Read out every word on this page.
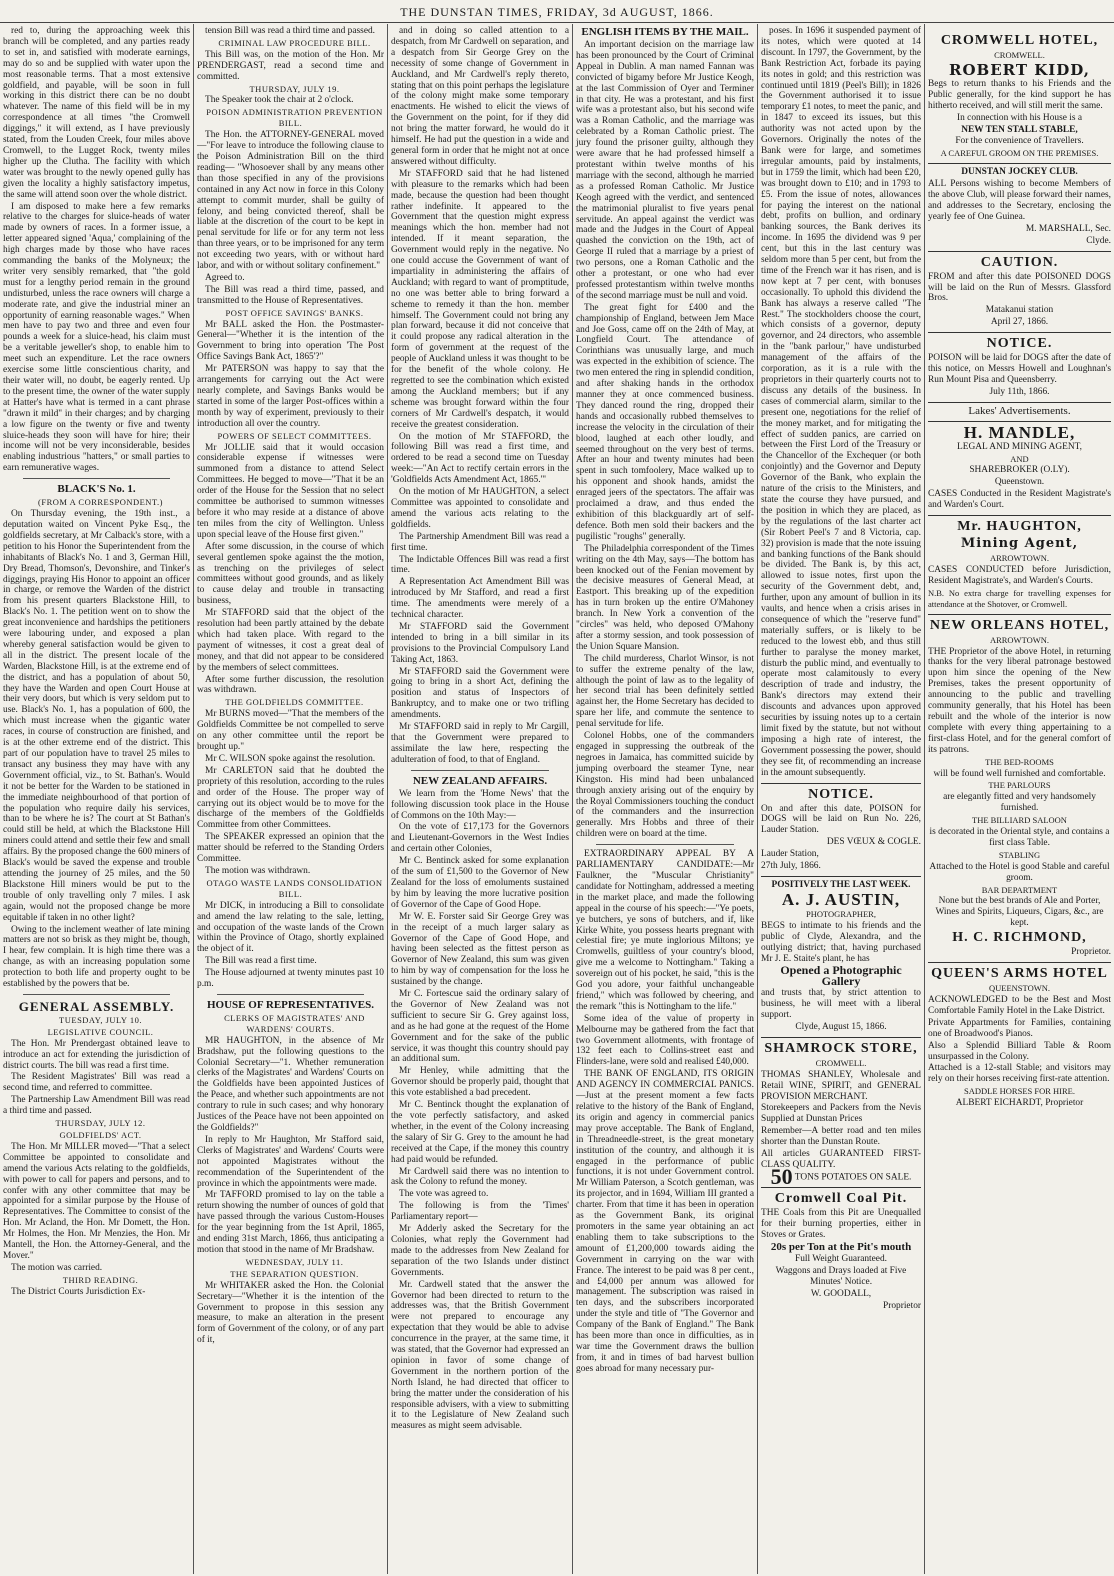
THE DUNSTAN TIMES, FRIDAY, 3d AUGUST, 1866.

red to, during the approaching week this branch will be completed, and any parties ready to set in, and satisfied with moderate earnings, may do so and be supplied with water upon the most reasonable terms. That a most extensive goldfield, and payable, will be soon in full working in this district there can be no doubt whatever. The name of this field will be in my correspondence at all times "the Cromwell diggings," it will extend, as I have previously stated, from the Louden Creek, four miles above Cromwell, to the Lugget Rock, twenty miles higher up the Clutha. The facility with which water was brought to the newly opened gully has given the locality a highly satisfactory impetus, the same will attend soon over the whole district.

I am disposed to make here a few remarks relative to the charges for sluice-heads of water made by owners of races. In a former issue, a letter appeared signed 'Aqua,' complaining of the high charges made by those who have races commanding the banks of the Molyneux; the writer very sensibly remarked, that "the gold must for a lengthy period remain in the ground undisturbed, unless the race owners will charge a moderate rate, and give the industrial miner an opportunity of earning reasonable wages." When men have to pay two and three and even four pounds a week for a sluice-head, his claim must be a veritable jeweller's shop, to enable him to meet such an expenditure. Let the race owners exercise some little conscientious charity, and their water will, no doubt, be eagerly rented. Up to the present time, the owner of the water supply at Hatter's have what is termed in a cant phrase "drawn it mild" in their charges; and by charging a low figure on the twenty or five and twenty sluice-heads they soon will have for hire; their income will not be very inconsiderable, besides enabling industrious "hatters," or small parties to earn remunerative wages.

BLACK'S No. 1.

(FROM A CORRESPONDENT.)

On Thursday evening, the 19th inst., a deputation waited on Vincent Pyke Esq., the goldfields secretary, at Mr Calback's store, with a petition to his Honor the Superintendent from the inhabitants of Black's No. 1 and 3, German Hill, Dry Bread, Thomson's, Devonshire, and Tinker's diggings, praying His Honor to appoint an officer in charge, or remove the Warden of the district from his present quarters Blackstone Hill, to Black's No. 1. The petition went on to show the great inconvenience and hardships the petitioners were labouring under, and exposed a plan whereby general satisfaction would be given to all in the district. The present locale of the Warden, Blackstone Hill, is at the extreme end of the district, and has a population of about 50, they have the Warden and open Court House at their very doors, but which is very seldom put to use. Black's No. 1, has a population of 600, the which must increase when the gigantic water races, in course of construction are finished, and is at the other extreme end of the district. This part of our population have to travel 25 miles to transact any business they may have with any Government official, viz., to St. Bathan's. Would it not be better for the Warden to be stationed in the immediate neighbourhood of that portion of the population who require daily his services, than to be where he is? The court at St Bathan's could still be held, at which the Blackstone Hill miners could attend and settle their few and small affairs. By the proposed change the 600 miners of Black's would be saved the expense and trouble attending the journey of 25 miles, and the 50 Blackstone Hill miners would be put to the trouble of only travelling only 7 miles. I ask again, would not the proposed change be more equitable if taken in no other light?

Owing to the inclement weather of late mining matters are not so brisk as they might be, though, I hear, few complain. It is high time there was a change, as with an increasing population some protection to both life and property ought to be established by the powers that be.

GENERAL ASSEMBLY.

TUESDAY, JULY 10.

LEGISLATIVE COUNCIL.

The Hon. Mr Prendergast obtained leave to introduce an act for extending the jurisdiction of district courts. The bill was read a first time.

The Resident Magistrates' Bill was read a second time, and referred to committee.

The Partnership Law Amendment Bill was read a third time and passed.

THURSDAY, JULY 12.

GOLDFIELDS' ACT.

The Hon. Mr MILLER moved—"That a select Committee be appointed to consolidate and amend the various Acts relating to the goldfields, with power to call for papers and persons, and to confer with any other committee that may be appointed for a similar purpose by the House of Representatives. The Committee to consist of the Hon. Mr Acland, the Hon. Mr Domett, the Hon. Mr Holmes, the Hon. Mr Menzies, the Hon. Mr Mantell, the Hon. the Attorney-General, and the Mover."

The motion was carried.

THIRD READING.

The District Courts Jurisdiction Ex-

tension Bill was read a third time and passed.

CRIMINAL LAW PROCEDURE BILL.

This Bill was, on the motion of the Hon. Mr PRENDERGAST, read a second time and committed.

THURSDAY, JULY 19.

The Speaker took the chair at 2 o'clock.

POISON ADMINISTRATION PREVENTION BILL.

The Hon. the ATTORNEY-GENERAL moved—"For leave to introduce the following clause to the Poison Administration Bill on the third reading— "Whosoever shall by any means other than those specified in any of the provisions contained in any Act now in force in this Colony attempt to commit murder, shall be guilty of felony, and being convicted thereof, shall be liable at the discretion of the court to be kept in penal servitude for life or for any term not less than three years, or to be imprisoned for any term not exceeding two years, with or without hard labor, and with or without solitary confinement."

Agreed to.

The Bill was read a third time, passed, and transmitted to the House of Representatives.

POST OFFICE SAVINGS' BANKS.

Mr BALL asked the Hon. the Postmaster-General—"Whether it is the intention of the Government to bring into operation 'The Post Office Savings Bank Act, 1865'?"

Mr PATERSON was happy to say that the arrangements for carrying out the Act were nearly complete, and Savings Banks would be started in some of the larger Post-offices within a month by way of experiment, previously to their introduction all over the country.

POWERS OF SELECT COMMITTEES.

Mr JOLLIE said that it would occasion considerable expense if witnesses were summoned from a distance to attend Select Committees. He begged to move—"That it be an order of the House for the Session that no select committee be authorised to summon witnesses before it who may reside at a distance of above ten miles from the city of Wellington. Unless upon special leave of the House first given."

After some discussion, in the course of which several gentlemen spoke against the the motion, as trenching on the privileges of select committees without good grounds, and as likely to cause delay and trouble in transacting business,

Mr STAFFORD said that the object of the resolution had been partly attained by the debate which had taken place. With regard to the payment of witnesses, it cost a great deal of money, and that did not appear to be considered by the members of select committees.

After some further discussion, the resolution was withdrawn.

THE GOLDFIELDS COMMITTEE.

Mr BURNS moved—"That the members of the Goldfields Committee be not compelled to serve on any other committee until the report be brought up."

Mr C. WILSON spoke against the resolution.

Mr CARLETON said that he doubted the propriety of this resolution, according to the rules and order of the House. The proper way of carrying out its object would be to move for the discharge of the members of the Goldfields Committee from other Committees.

The SPEAKER expressed an opinion that the matter should be referred to the Standing Orders Committee.

The motion was withdrawn.

OTAGO WASTE LANDS CONSOLIDATION BILL.

Mr DICK, in introducing a Bill to consolidate and amend the law relating to the sale, letting, and occupation of the waste lands of the Crown within the Province of Otago, shortly explained the object of it.

The Bill was read a first time.

The House adjourned at twenty minutes past 10 p.m.

HOUSE OF REPRESENTATIVES.

CLERKS OF MAGISTRATES' AND WARDENS' COURTS.

MR HAUGHTON, in the absence of Mr Bradshaw, put the following questions to the Colonial Secretary—"1. Whether remuneration clerks of the Magistrates' and Wardens' Courts on the Goldfields have been appointed Justices of the Peace, and whether such appointments are not contrary to rule in such cases; and why honorary Justices of the Peace have not been appointed on the Goldfields?"

In reply to Mr Haughton, Mr Stafford said, Clerks of Magistrates' and Wardens' Courts were not appointed Magistrates without the recommendation of the Superintendent of the province in which the appointments were made.

Mr TAFFORD promised to lay on the table a return showing the number of ounces of gold that have passed through the various Custom-Houses for the year beginning from the 1st April, 1865, and ending 31st March, 1866, thus anticipating a motion that stood in the name of Mr Bradshaw.

WEDNESDAY, JULY 11.

THE SEPARATION QUESTION.

Mr WHITAKER asked the Hon. the Colonial Secretary—"Whether it is the intention of the Government to propose in this session any measure, to make an alteration in the present form of Government of the colony, or of any part of it,

and in doing so called attention to a despatch, from Mr Cardwell on separation, and a despatch from Sir George Grey on the necessity of some change of Government in Auckland, and Mr Cardwell's reply thereto, stating that on this point perhaps the legislature of the colony might make some temporary enactments. He wished to elicit the views of the Government on the point, for if they did not bring the matter forward, he would do it himself. He had put the question in a wide and general form in order that he might not at once answered without difficulty.

Mr STAFFORD said that he had listened with pleasure to the remarks which had been made, because the question had been thought rather indefinite. It appeared to the Government that the question might express meanings which the hon. member had not intended. If it meant separation, the Government would reply in the negative. No one could accuse the Government of want of impartiality in administering the affairs of Auckland; with regard to want of promptitude, no one was better able to bring forward a scheme to remedy it than the hon. member himself. The Government could not bring any plan forward, because it did not conceive that it could propose any radical alteration in the form of government at the request of the people of Auckland unless it was thought to be for the benefit of the whole colony. He regretted to see the combination which existed among the Auckland members; but if any scheme was brought forward within the four corners of Mr Cardwell's despatch, it would receive the greatest consideration.

On the motion of Mr STAFFORD, the following Bill was read a first time, and ordered to be read a second time on Tuesday week:—"An Act to rectify certain errors in the 'Goldfields Acts Amendment Act, 1865.'"

On the motion of Mr HAUGHTON, a select Committee was appointed to consolidate and amend the various acts relating to the goldfields.

The Partnership Amendment Bill was read a first time.

The Indictable Offences Bill was read a first time.

A Representation Act Amendment Bill was introduced by Mr Stafford, and read a first time. The amendments were merely of a technical character.

Mr STAFFORD said the Government intended to bring in a bill similar in its provisions to the Provincial Compulsory Land Taking Act, 1863.

Mr STAFFORD said the Government were going to bring in a short Act, defining the position and status of Inspectors of Bankruptcy, and to make one or two trifling amendments.

Mr STAFFORD said in reply to Mr Cargill, that the Government were prepared to assimilate the law here, respecting the adulteration of food, to that of England.

NEW ZEALAND AFFAIRS.

We learn from the 'Home News' that the following discussion took place in the House of Commons on the 10th May:—

On the vote of £17,173 for the Governors and Lieutenant-Governors in the West Indies and certain other Colonies,

Mr C. Bentinck asked for some explanation of the sum of £1,500 to the Governor of New Zealand for the loss of emoluments sustained by him by leaving the more lucrative position of Governor of the Cape of Good Hope.

Mr W. E. Forster said Sir George Grey was in the receipt of a much larger salary as Governor of the Cape of Good Hope, and having been selected as the fittest person as Governor of New Zealand, this sum was given to him by way of compensation for the loss he sustained by the change.

Mr C. Fortescue said the ordinary salary of the Governor of New Zealand was not sufficient to secure Sir G. Grey against loss, and as he had gone at the request of the Home Government and for the sake of the public service, it was thought this country should pay an additional sum.

Mr Henley, while admitting that the Governor should be properly paid, thought that this vote established a bad precedent.

Mr C. Bentinck thought the explanation of the vote perfectly satisfactory, and asked whether, in the event of the Colony increasing the salary of Sir G. Grey to the amount he had received at the Cape, if the money this country had paid would be refunded.

Mr Cardwell said there was no intention to ask the Colony to refund the money.

The vote was agreed to.

The following is from the 'Times' Parliamentary report—

Mr Adderly asked the Secretary for the Colonies, what reply the Government had made to the addresses from New Zealand for separation of the two Islands under distinct Governments.

Mr. Cardwell stated that the answer the Governor had been directed to return to the addresses was, that the British Government were not prepared to encourage any expectation that they would be able to advise concurrence in the prayer, at the same time, it was stated, that the Governor had expressed an opinion in favor of some change of Government in the northern portion of the North Island, he had directed that officer to bring the matter under the consideration of his responsible advisers, with a view to submitting it to the Legislature of New Zealand such measures as might seem advisable.

ENGLISH ITEMS BY THE MAIL.

An important decision on the marriage law has been pronounced by the Court of Criminal Appeal in Dublin. A man named Fannan was convicted of bigamy before Mr Justice Keogh, at the last Commission of Oyer and Terminer in that city. He was a protestant, and his first wife was a protestant also, but his second wife was a Roman Catholic, and the marriage was celebrated by a Roman Catholic priest. The jury found the prisoner guilty, although they were aware that he had professed himself a protestant within twelve months of his marriage with the second, although he married as a professed Roman Catholic. Mr Justice Keogh agreed with the verdict, and sentenced the matrimonial pluralist to five years penal servitude. An appeal against the verdict was made and the Judges in the Court of Appeal quashed the conviction on the 19th, act of George II ruled that a marriage by a priest of two persons, one a Roman Catholic and the other a protestant, or one who had ever professed protestantism within twelve months of the second marriage must be null and void.

The great fight for £400 and the championship of England, between Jem Mace and Joe Goss, came off on the 24th of May, at Longfield Court. The attendance of Corinthians was unusually large, and much was expected in the exhibition of science. The two men entered the ring in splendid condition, and after shaking hands in the orthodox manner they at once commenced business. They danced round the ring, dropped their hands and occasionally rubbed themselves to increase the velocity in the circulation of their blood, laughed at each other loudly, and seemed throughout on the very best of terms. After an hour and twenty minutes had been spent in such tomfoolery, Mace walked up to his opponent and shook hands, amidst the enraged jeers of the spectators. The affair was proclaimed a draw, and thus ended the exhibition of this blackguardly art of self-defence. Both men sold their backers and the pugilistic "roughs" generally.

The Philadelphia correspondent of the Times writing on the 4th May, says—The bottom has been knocked out of the Fenian movement by the decisive measures of General Mead, at Eastport. This breaking up of the expedition has in turn broken up the entire O'Mahoney branch. In New York a convention of the "circles" was held, who deposed O'Mahony after a stormy session, and took possession of the Union Square Mansion.

The child murderess, Charlot Winsor, is not to suffer the extreme penalty of the law, although the point of law as to the legality of her second trial has been definitely settled against her, the Home Secretary has decided to spare her life, and commute the sentence to penal servitude for life.

Colonel Hobbs, one of the commanders engaged in suppressing the outbreak of the negroes in Jamaica, has committed suicide by jumping overboard the steamer Tyne, near Kingston. His mind had been unbalanced through anxiety arising out of the enquiry by the Royal Commissioners touching the conduct of the commanders and the insurrection generally. Mrs Hobbs and three of their children were on board at the time.

EXTRAORDINARY APPEAL BY A PARLIAMENTARY CANDIDATE:—Mr Faulkner, the "Muscular Christianity" candidate for Nottingham, addressed a meeting in the market place, and made the following appeal in the course of his speech:—"Ye poets, ye butchers, ye sons of butchers, and if, like Kirke White, you possess hearts pregnant with celestial fire; ye mute inglorious Miltons; ye Cromwells, guiltless of your country's blood, give me a welcome to Nottingham." Taking a sovereign out of his pocket, he said, "this is the God you adore, your faithful unchangeable friend," which was followed by cheering, and the remark "this is Nottingham to the life."

Some idea of the value of property in Melbourne may be gathered from the fact that two Government allotments, with frontage of 132 feet each to Collins-street east and Flinders-lane, were sold and realised £40,000.

THE BANK OF ENGLAND, ITS ORIGIN AND AGENCY IN COMMERCIAL PANICS.—Just at the present moment a few facts relative to the history of the Bank of England, its origin and agency in commercial panics may prove acceptable. The Bank of England, in Threadneedle-street, is the great monetary institution of the country, and although it is engaged in the performance of public functions, it is not under Government control. Mr William Paterson, a Scotch gentleman, was its projector, and in 1694, William III granted a charter. From that time it has been in operation as the Government Bank, its original promoters in the same year obtaining an act enabling them to take subscriptions to the amount of £1,200,000 towards aiding the Government in carrying on the war with France. The interest to be paid was 8 per cent., and £4,000 per annum was allowed for management. The subscription was raised in ten days, and the subscribers incorporated under the style and title of "The Governor and Company of the Bank of England." The Bank has been more than once in difficulties, as in war time the Government draws the bullion from, it and in times of bad harvest bullion goes abroad for many necessary pur-

poses. In 1696 it suspended payment of its notes, which were quoted at 14 discount. In 1797, the Government, by the Bank Restriction Act, forbade its paying its notes in gold; and this restriction was continued until 1819 (Peel's Bill); in 1826 the Government authorised it to issue temporary £1 notes, to meet the panic, and in 1847 to exceed its issues, but this authority was not acted upon by the Governors. Originally the notes of the Bank were for large, and sometimes irregular amounts, paid by instalments, but in 1759 the limit, which had been £20, was brought down to £10; and in 1793 to £5. From the issue of notes, allowances for paying the interest on the national debt, profits on bullion, and ordinary banking sources, the Bank derives its income. In 1695 the dividend was 9 per cent, but this in the last century was seldom more than 5 per cent, but from the time of the French war it has risen, and is now kept at 7 per cent, with bonuses occasionally. To uphold this dividend the Bank has always a reserve called "The Rest." The stockholders choose the court, which consists of a governor, deputy governor, and 24 directors, who assemble in the "bank parlour," have undisturbed management of the affairs of the corporation, as it is a rule with the proprietors in their quarterly courts not to discuss any details of the business. In cases of commercial alarm, similar to the present one, negotiations for the relief of the money market, and for mitigating the effect of sudden panics, are carried on between the First Lord of the Treasury or the Chancellor of the Exchequer (or both conjointly) and the Governor and Deputy Governor of the Bank, who explain the nature of the crisis to the Ministers, and state the course they have pursued, and the position in which they are placed, as by the regulations of the last charter act (Sir Robert Peel's 7 and 8 Victoria, cap. 32) provision is made that the note issuing and banking functions of the Bank should be divided. The Bank is, by this act, allowed to issue notes, first upon the security of the Government debt, and, further, upon any amount of bullion in its vaults, and hence when a crisis arises in consequence of which the "reserve fund" materially suffers, or is likely to be reduced to the lowest ebb, and thus still further to paralyse the money market, disturb the public mind, and eventually to operate most calamitously to every description of trade and industry, the Bank's directors may extend their discounts and advances upon approved securities by issuing notes up to a certain limit fixed by the statute, but not without imposing a high rate of interest, the Government possessing the power, should they see fit, of recommending an increase in the amount subsequently.

NOTICE.

On and after this date, POISON for DOGS will be laid on Run No. 226, Lauder Station.

DES VŒUX & COGLE.

Lauder Station,

27th July, 1866.

POSITIVELY THE LAST WEEK.

A. J. AUSTIN,

PHOTOGRAPHER,

BEGS to intimate to his friends and the public of Clyde, Alexandra, and the outlying district; that, having purchased Mr J. E. Staite's plant, he has

Opened a Photographic Gallery

and trusts that, by strict attention to business, he will meet with a liberal support.

Clyde, August 15, 1866.

SHAMROCK STORE,

CROMWELL.

THOMAS SHANLEY, Wholesale and Retail WINE, SPIRIT, and GENERAL PROVISION MERCHANT.

Storekeepers and Packers from the Nevis Supplied at Dunstan Prices

Remember—A better road and ten miles shorter than the Dunstan Route.

All articles GUARANTEED FIRST-CLASS QUALITY.

50 TONS POTATOES ON SALE.

Cromwell Coal Pit.

THE Coals from this Pit are Unequalled for their burning properties, either in Stoves or Grates.

20s per Ton at the Pit's mouth

Full Weight Guaranteed.

Waggons and Drays loaded at Five Minutes' Notice.

W. GOODALL,

Proprietor

CROMWELL HOTEL,

CROMWELL.

ROBERT KIDD,

Begs to return thanks to his Friends and the Public generally, for the kind support he has hitherto received, and will still merit the same.

In connection with his House is a

NEW TEN STALL STABLE,

For the convenience of Travellers.

A CAREFUL GROOM ON THE PREMISES.

DUNSTAN JOCKEY CLUB.

ALL Persons wishing to become Members of the above Club, will please forward their names, and addresses to the Secretary, enclosing the yearly fee of One Guinea.

M. MARSHALL, Sec.

Clyde.

CAUTION.

FROM and after this date POISONED DOGS will be laid on the Run of Messrs. Glassford Bros.

Matakanui station

April 27, 1866.

NOTICE.

POISON will be laid for DOGS after the date of this notice, on Messrs Howell and Loughnan's Run Mount Pisa and Queensberry.

July 11th, 1866.

Lakes' Advertisements.

H. MANDLE,

LEGAL AND MINING AGENT,

AND

SHAREBROKER (O.LY).

Queenstown.

CASES Conducted in the Resident Magistrate's and Warden's Court.

Mr. HAUGHTON,

Mining Agent,

ARROWTOWN.

CASES CONDUCTED before Jurisdiction, Resident Magistrate's, and Warden's Courts.

N.B. No extra charge for travelling expenses for attendance at the Shotover, or Cromwell.

NEW ORLEANS HOTEL,

ARROWTOWN.

THE Proprietor of the above Hotel, in returning thanks for the very liberal patronage bestowed upon him since the opening of the New Premises, takes the present opportunity of announcing to the public and travelling community generally, that his Hotel has been rebuilt and the whole of the interior is now complete with every thing appertaining to a first-class Hotel, and for the general comfort of its patrons.

THE BED-ROOMS

will be found well furnished and comfortable.

THE PARLOURS

are elegantly fitted and very handsomely furnished.

THE BILLIARD SALOON

is decorated in the Oriental style, and contains a first class Table.

STABLING

Attached to the Hotel is good Stable and careful groom.

BAR DEPARTMENT

None but the best brands of Ale and Porter, Wines and Spirits, Liqueurs, Cigars, &c., are kept.

H. C. RICHMOND,

Proprietor.

QUEEN'S ARMS HOTEL

QUEENSTOWN.

ACKNOWLEDGED to be the Best and Most Comfortable Family Hotel in the Lake District.

Private Appartments for Families, containing one of Broadwood's Pianos.

Also a Splendid Billiard Table & Room unsurpassed in the Colony.

Attached is a 12-stall Stable; and visitors may rely on their horses receiving first-rate attention.

SADDLE HORSES FOR HIRE.

ALBERT EICHARDT, Proprietor
